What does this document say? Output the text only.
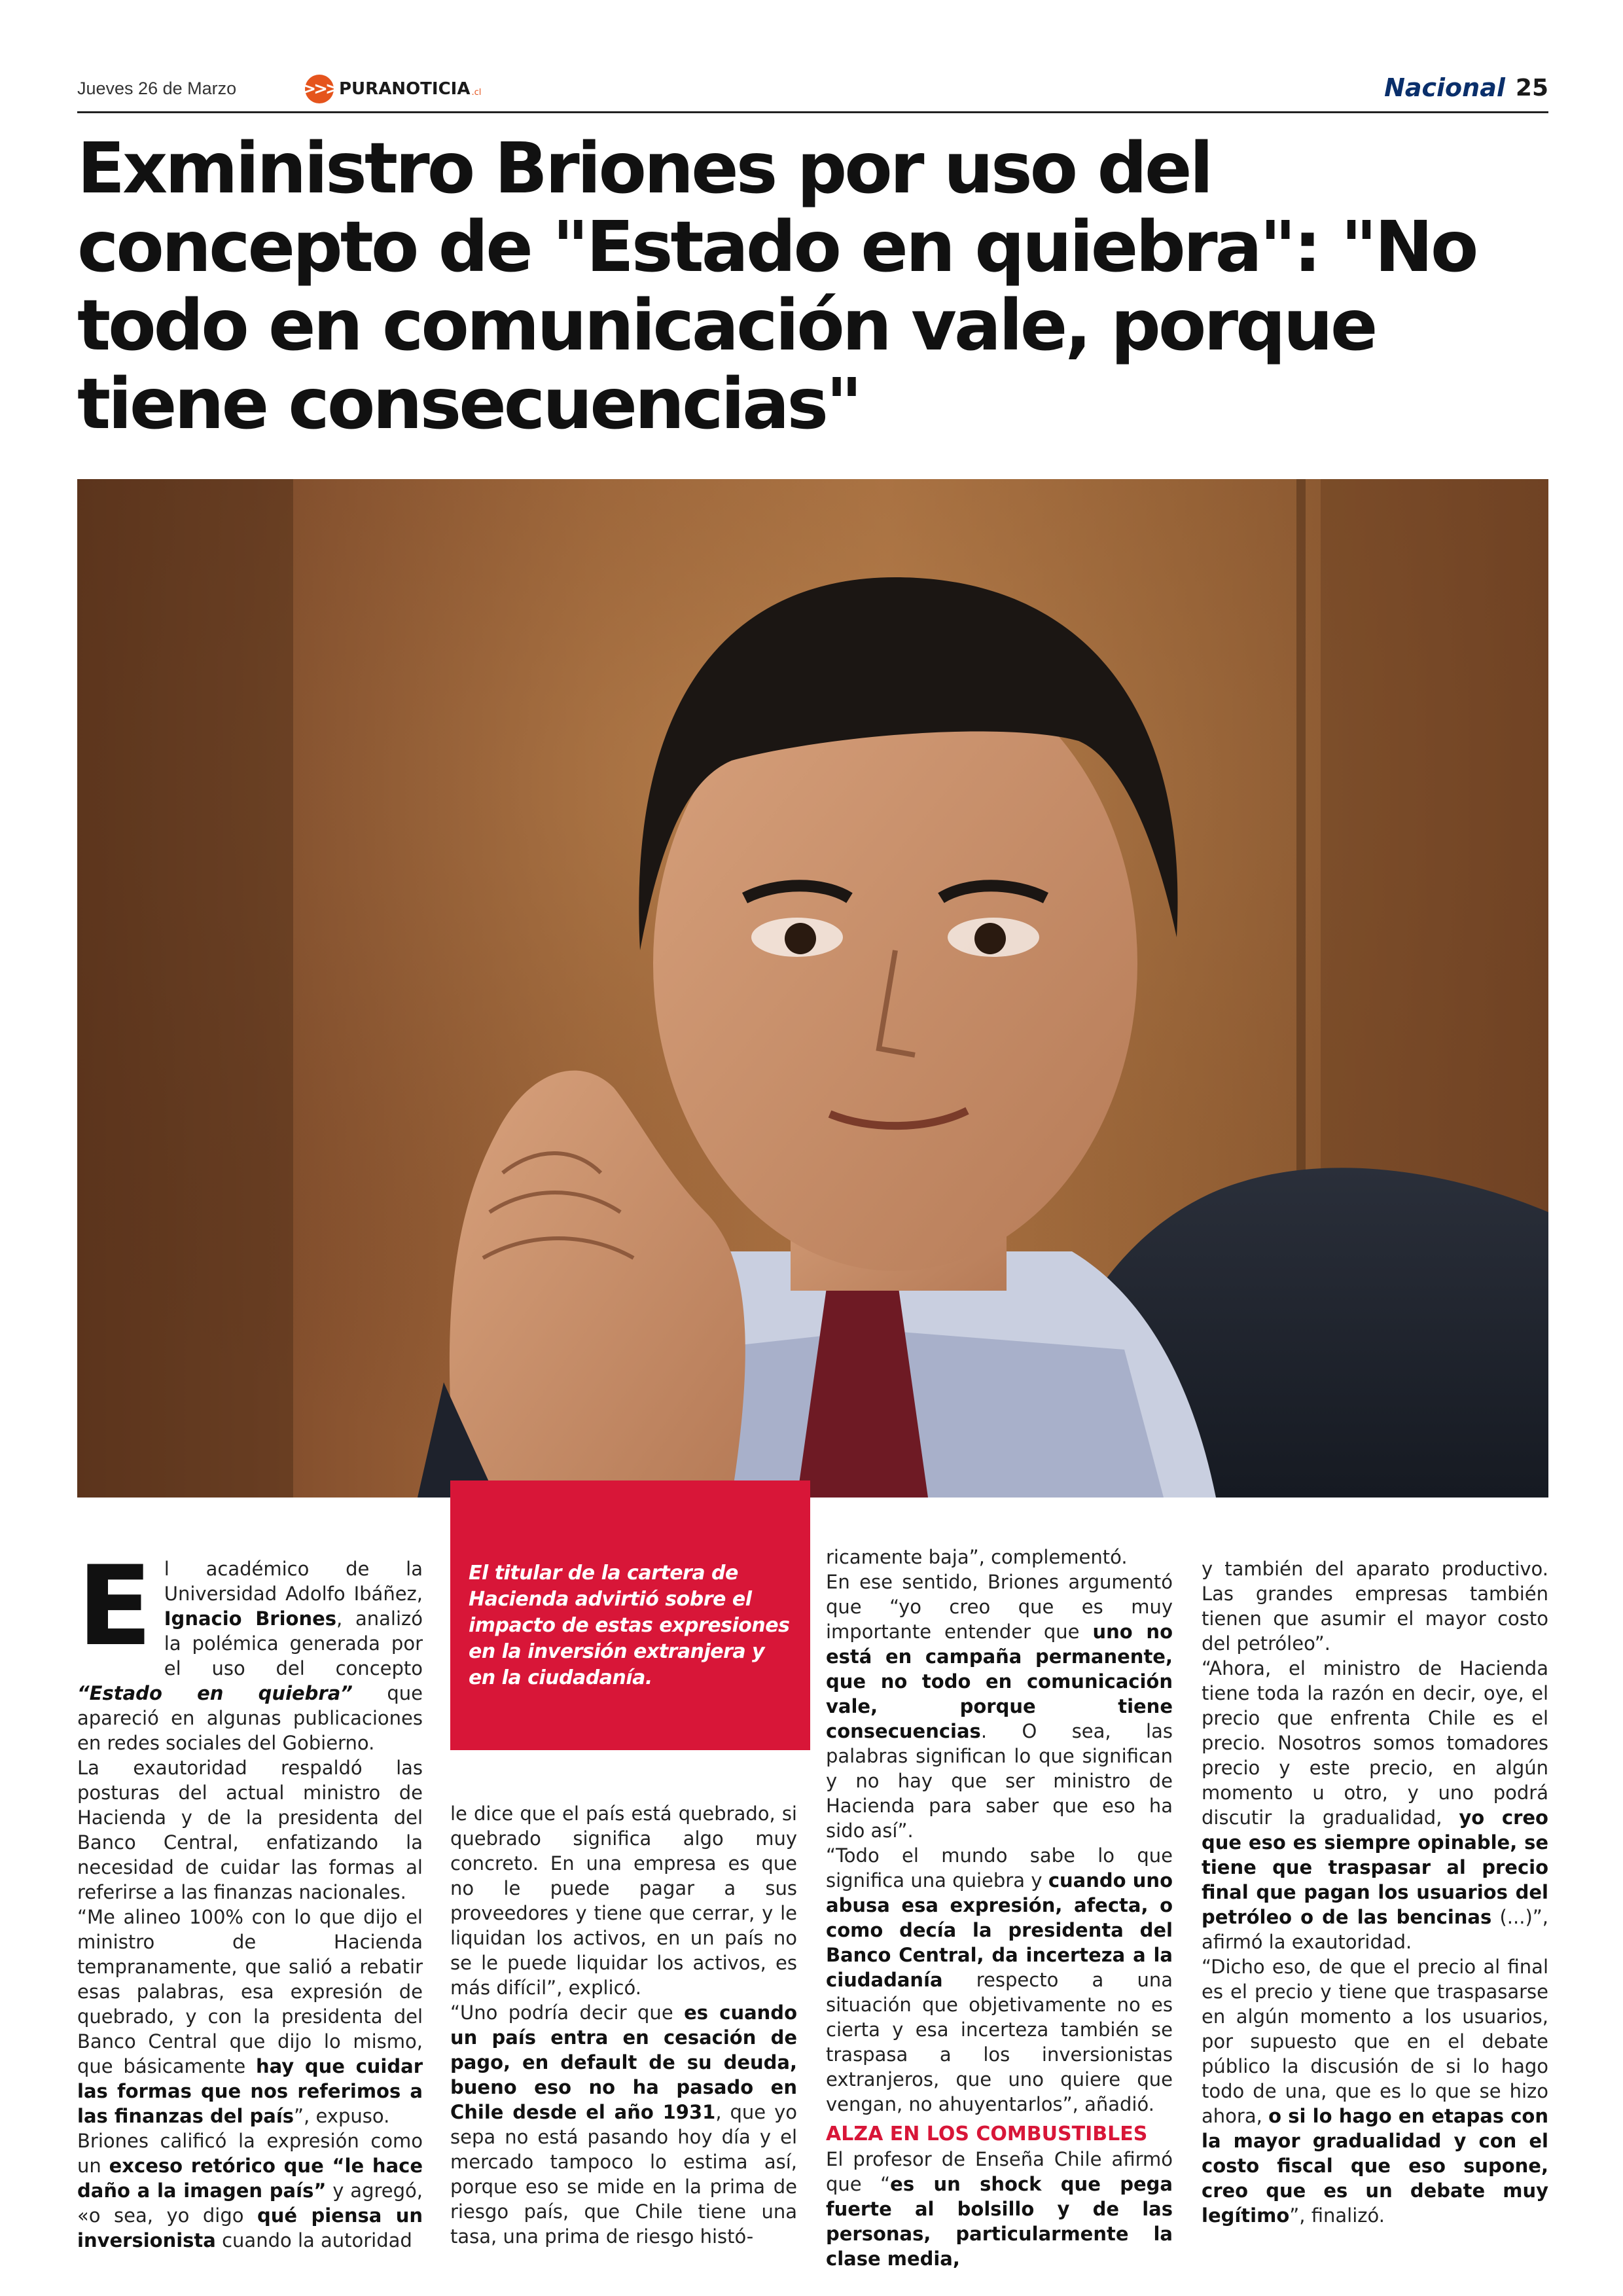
Jueves 26 de Marzo	>>> PURANOTICIA .cl	Nacional 25
Exministro Briones por uso del concepto de "Estado en quiebra": "No todo en comunicación vale, porque tiene consecuencias"

El titular de la cartera de Hacienda advirtió sobre el impacto de estas expresiones en la inversión extranjera y en la ciudadanía.

El académico de la Universidad Adolfo Ibáñez, Ignacio Briones, analizó la polémica generada por el uso del concepto “Estado en quiebra” que apareció en algunas publicaciones en redes sociales del Gobierno.

La exautoridad respaldó las posturas del actual ministro de Hacienda y de la presidenta del Banco Central, enfatizando la necesidad de cuidar las formas al referirse a las finanzas nacionales.

“Me alineo 100% con lo que dijo el ministro de Hacienda tempranamente, que salió a rebatir esas palabras, esa expresión de quebrado, y con la presidenta del Banco Central que dijo lo mismo, que básicamente hay que cuidar las formas que nos referimos a las finanzas del país”, expuso.

Briones calificó la expresión como un exceso retórico que “le hace daño a la imagen país” y agregó, «o sea, yo digo qué piensa un inversionista cuando la autoridad

le dice que el país está quebrado, si quebrado significa algo muy concreto. En una empresa es que no le puede pagar a sus proveedores y tiene que cerrar, y le liquidan los activos, en un país no se le puede liquidar los activos, es más difícil”, explicó.

“Uno podría decir que es cuando un país entra en cesación de pago, en default de su deuda, bueno eso no ha pasado en Chile desde el año 1931, que yo sepa no está pasando hoy día y el mercado tampoco lo estima así, porque eso se mide en la prima de riesgo país, que Chile tiene una tasa, una prima de riesgo histó-

ricamente baja”, complementó.

En ese sentido, Briones argumentó que “yo creo que es muy importante entender que uno no está en campaña permanente, que no todo en comunicación vale, porque tiene consecuencias. O sea, las palabras significan lo que significan y no hay que ser ministro de Hacienda para saber que eso ha sido así”.

“Todo el mundo sabe lo que significa una quiebra y cuando uno abusa esa expresión, afecta, o como decía la presidenta del Banco Central, da incerteza a la ciudadanía respecto a una situación que objetivamente no es cierta y esa incerteza también se traspasa a los inversionistas extranjeros, que uno quiere que vengan, no ahuyentarlos”, añadió.

ALZA EN LOS COMBUSTIBLES

El profesor de Enseña Chile afirmó que “es un shock que pega fuerte al bolsillo y de las personas, particularmente la clase media,

y también del aparato productivo. Las grandes empresas también tienen que asumir el mayor costo del petróleo”.

“Ahora, el ministro de Hacienda tiene toda la razón en decir, oye, el precio que enfrenta Chile es el precio. Nosotros somos tomadores precio y este precio, en algún momento u otro, y uno podrá discutir la gradualidad, yo creo que eso es siempre opinable, se tiene que traspasar al precio final que pagan los usuarios del petróleo o de las bencinas (...)”, afirmó la exautoridad.

“Dicho eso, de que el precio al final es el precio y tiene que traspasarse en algún momento a los usuarios, por supuesto que en el debate público la discusión de si lo hago todo de una, que es lo que se hizo ahora, o si lo hago en etapas con la mayor gradualidad y con el costo fiscal que eso supone, creo que es un debate muy legítimo”, finalizó.
